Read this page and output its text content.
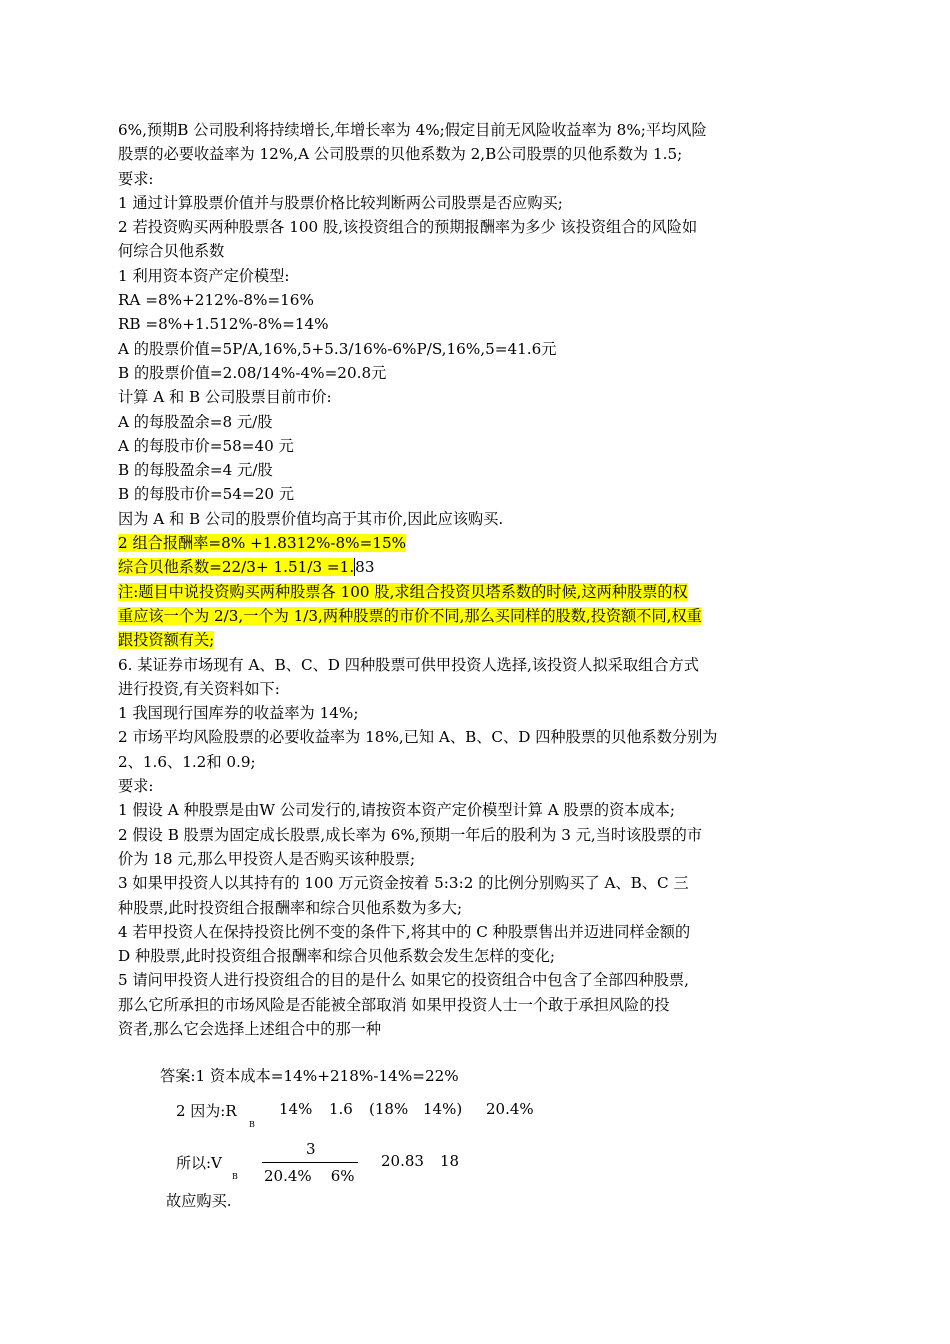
6%,预期B 公司股利将持续增长,年增长率为 4%;假定目前无风险收益率为 8%;平均风险
股票的必要收益率为 12%,A 公司股票的贝他系数为 2,B公司股票的贝他系数为 1.5;
要求:
1 通过计算股票价值并与股票价格比较判断两公司股票是否应购买;
2 若投资购买两种股票各 100 股,该投资组合的预期报酬率为多少 该投资组合的风险如
何综合贝他系数
1 利用资本资产定价模型:
RA =8%+212%-8%=16%
RB =8%+1.512%-8%=14%
A 的股票价值=5P/A,16%,5+5.3/16%-6%P/S,16%,5=41.6元
B 的股票价值=2.08/14%-4%=20.8元
计算 A 和 B 公司股票目前市价:
A 的每股盈余=8 元/股
A 的每股市价=58=40 元
B 的每股盈余=4 元/股
B 的每股市价=54=20 元
因为 A 和 B 公司的股票价值均高于其市价,因此应该购买.
2 组合报酬率=8% +1.8312%-8%=15%
综合贝他系数=22/3+ 1.51/3 =1.83
注:题目中说投资购买两种股票各 100 股,求组合投资贝塔系数的时候,这两种股票的权
重应该一个为 2/3,一个为 1/3,两种股票的市价不同,那么买同样的股数,投资额不同,权重
跟投资额有关;
6. 某证券市场现有 A、B、C、D 四种股票可供甲投资人选择,该投资人拟采取组合方式
进行投资,有关资料如下:
1 我国现行国库券的收益率为 14%;
2 市场平均风险股票的必要收益率为 18%,已知 A、B、C、D 四种股票的贝他系数分别为
2、1.6、1.2和 0.9;
要求:
1 假设 A 种股票是由W 公司发行的,请按资本资产定价模型计算 A 股票的资本成本;
2 假设 B 股票为固定成长股票,成长率为 6%,预期一年后的股利为 3 元,当时该股票的市
价为 18 元,那么甲投资人是否购买该种股票;
3 如果甲投资人以其持有的 100 万元资金按着 5:3:2 的比例分别购买了 A、B、C 三
种股票,此时投资组合报酬率和综合贝他系数为多大;
4 若甲投资人在保持投资比例不变的条件下,将其中的 C 种股票售出并迈进同样金额的
D 种股票,此时投资组合报酬率和综合贝他系数会发生怎样的变化;
5 请问甲投资人进行投资组合的目的是什么 如果它的投资组合中包含了全部四种股票,
那么它所承担的市场风险是否能被全部取消 如果甲投资人士一个敢于承担风险的投
资者,那么它会选择上述组合中的那一种
答案:1 资本成本=14%+218%-14%=22%
2 因为:R
B
14% 1.6 (18% 14%) 20.4%
所以:V
B
3
20.4%    6%
20.83 18
故应购买.
